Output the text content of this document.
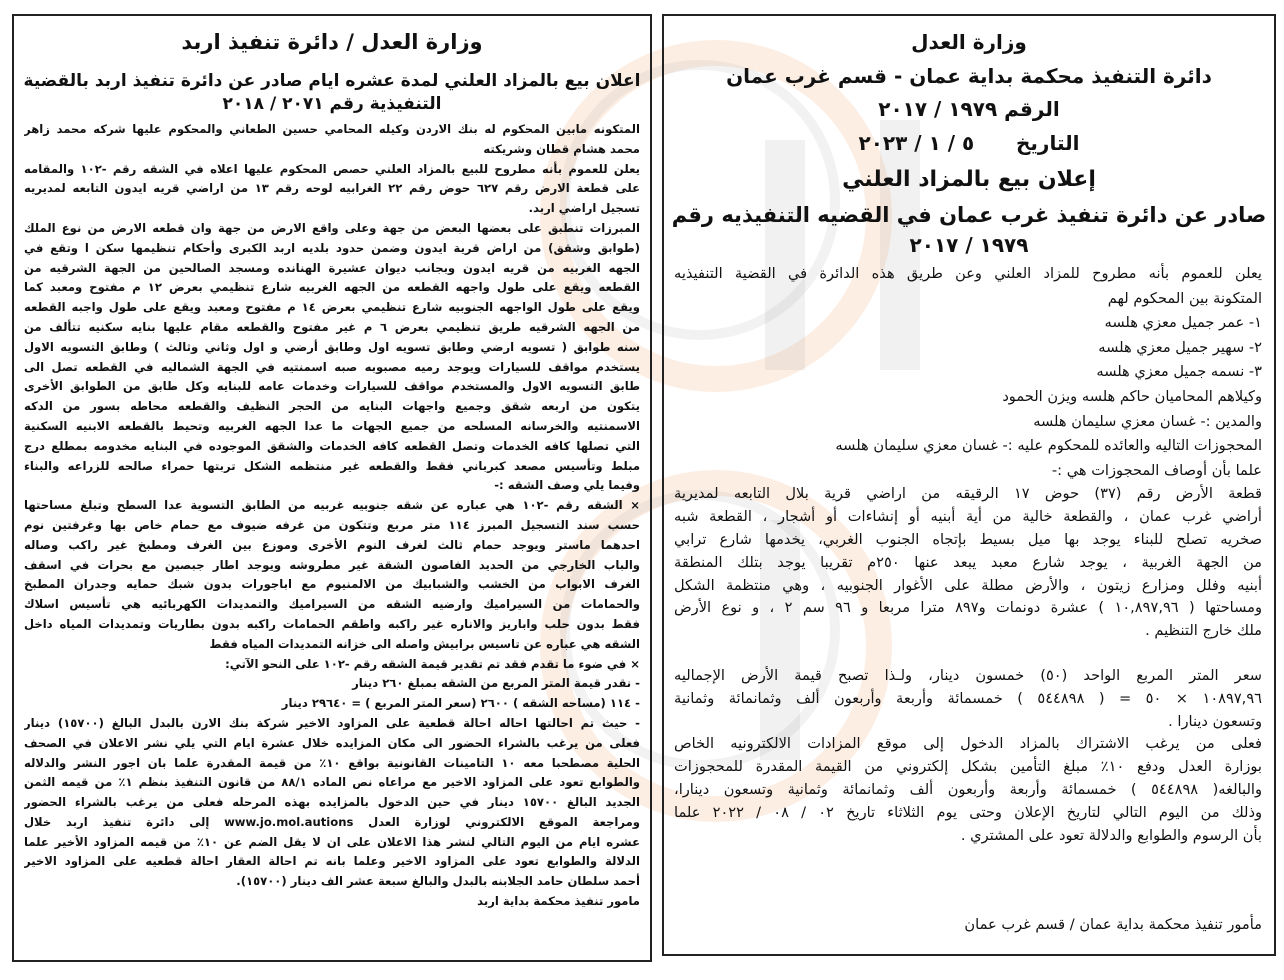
وزارة العدل / دائرة تنفيذ اربد
اعلان بيع بالمزاد العلني لمدة عشره ايام صادر عن دائرة تنفيذ اربد بالقضية
التنفيذية رقم ٢٠٧١ / ٢٠١٨
المتكونه مابين المحكوم له بنك الاردن وكيله المحامي حسين الطعاني والمحكوم عليها شركه محمد زاهر
محمد هشام قطان وشريكته
يعلن للعموم بأنه مطروح للبيع بالمزاد العلني حصص المحكوم عليها اعلاه في الشقه رقم -١٠٢ والمقامه
على قطعة الارض رقم ٦٢٧ حوض رقم ٢٢ الغرابيه لوحه رقم ١٣ من اراضي قريه ايدون التابعه لمديريه
تسجيل اراضي اربد.
المبرزات تنطبق على بعضها البعض من جهة وعلى واقع الارض من جهة وان قطعه الارض من نوع الملك
(طوابق وشقق) من اراض قرية ايدون وضمن حدود بلديه اربد الكبرى وأحكام تنظيمها سكن ا وتقع في
الجهه الغربيه من قريه ايدون وبجانب ديوان عشيرة الهنانده ومسجد الصالحين من الجهة الشرقيه من
القطعه ويقع على طول واجهه القطعه من الجهه الغربيه شارع تنظيمي بعرض ١٢ م مفتوح ومعبد كما
ويقع على طول الواجهه الجنوبيه شارع تنظيمي بعرض ١٤ م مفتوح ومعبد ويقع على طول واجبه القطعه
من الجهه الشرقيه طريق تنظيمي بعرض ٦ م غير مفتوح والقطعه مقام عليها بنايه سكنيه تتألف من
سنه طوابق ( تسويه ارضي وطابق تسويه اول وطابق أرضي و اول وثاني وثالث ) وطابق التسويه الاول
يستخدم مواقف للسيارات ويوجد رميه مصبوبه صبه اسمنتيه في الجهة الشماليه في القطعه تصل الى
طابق التسويه الاول والمستخدم مواقف للسيارات وخدمات عامه للبنايه وكل طابق من الطوابق الأخرى
يتكون من اربعه شقق وجميع واجهات البنايه من الحجر النظيف والقطعه محاطه بسور من الدكه
الاسمنتيه والخرسانه المسلحه من جميع الجهات ما عدا الجهه الغربيه وتحيط بالقطعه الابنيه السكنية
التي تصلها كافه الخدمات وتصل القطعه كافه الخدمات والشقق الموجوده في البنايه مخدومه بمطلع درج
مبلط وتأسيس مصعد كبرباني فقط والقطعه غير منتظمه الشكل تربتها حمراء صالحه للزراعه والبناء
وفيما يلي وصف الشقه :-
× الشقه رقم -١٠٢ هي عباره عن شقه جنوبيه غربيه من الطابق التسوية عدا السطح وتبلغ مساحتها
حسب سند التسجيل المبرز ١١٤ متر مربع وتتكون من غرفه ضيوف مع حمام خاص بها وغرفتين نوم
احدهما ماستر ويوجد حمام ثالث لغرف النوم الأخرى وموزع بين الغرف ومطبخ غير راكب وصاله
والباب الخارجي من الحديد الفاصون الشقة غير مطروشه ويوجد اطار جبصين مع بحرات في اسقف
الغرف الابواب من الخشب والشبابيك من الالمنيوم مع اباجورات بدون شبك حمايه وجدران المطبخ
والحمامات من السيراميك وارضيه الشقه من السيراميك والتمديدات الكهربائيه هي تأسيس اسلاك
فقط بدون حلب واباريز والاناره غير راكبه واطقم الحمامات راكبه بدون بطاريات وتمديدات المياه داخل
الشقه هي عباره عن تاسيس برابيش واصله الى خزانه التمديدات المياه فقط
× في ضوء ما تقدم فقد تم تقدير قيمة الشقه رقم -١٠٢ على النحو الآتي:
- نقدر قيمة المتر المربع من الشقه بمبلغ ٢٦٠ دينار
- ١١٤ (مساحه الشقه ) ٢٦٠٠ (سعر المتر المربع ) = ٢٩٦٤٠ دينار
- حيث تم احالتها احاله احالة قطعية على المزاود الاخير شركة بنك الارن بالبدل البالغ (١٥٧٠٠) دينار
فعلى من يرغب بالشراء الحضور الى مكان المزايده خلال عشرة ايام التي يلي نشر الاعلان في الصحف
الحلية مصطحبا معه ١٠ التامينات القانونية بواقع ١٠٪ من قيمة المقدرة علما بان اجور النشر والدلاله
والطوابع تعود على المزاود الاخير مع مراعاه نص الماده ٨٨/١ من قانون التنفيذ بنظم ١٪ من قيمه الثمن
الجديد البالغ ١٥٧٠٠ دينار في حين الدخول بالمزايده بهذه المرحله فعلى من يرغب بالشراء الحضور
ومراجعة الموقع الالكتروني لوزارة العدل www.jo.mol.autions إلى دائرة تنفيذ اربد خلال
عشره ايام من اليوم التالي لنشر هذا الاعلان على ان لا يقل الضم عن ١٠٪ من قيمه المزاود الأخير علما
الدلالة والطوابع تعود على المزاود الاخير وعلما بانه تم احالة العقار احالة قطعيه على المزاود الاخير
أحمد سلطان حامد الجلابنه بالبدل والبالغ سبعة عشر الف دينار (١٥٧٠٠).
مامور تنفيذ محكمة بداية اربد
وزارة العدل
دائرة التنفيذ محكمة بداية عمان - قسم غرب عمان
الرقم ١٩٧٩ / ٢٠١٧
التاريخ      ٥ / ١ / ٢٠٢٣
إعلان بيع بالمزاد العلني
صادر عن دائرة تنفيذ غرب عمان في القضيه التنفيذيه رقم
١٩٧٩ / ٢٠١٧
يعلن للعموم بأنه مطروح للمزاد العلني وعن طريق هذه الدائرة في القضية التنفيذيه
المتكونة بين المحكوم لهم
١- عمر جميل معزي هلسه
٢- سهير جميل معزي هلسه
٣- نسمه جميل معزي هلسه
وكيلاهم المحاميان حاكم هلسه ويزن الحمود
والمدين :- غسان معزي سليمان هلسه
المحجوزات التاليه والعائده للمحكوم عليه :- غسان معزي سليمان هلسه
علما بأن أوصاف المحجوزات هي :-
قطعة الأرض رقم (٣٧) حوض ١٧ الرقيقه من اراضي قرية بلال التابعه لمديرية
أراضي غرب عمان ، والقطعة خالية من أية أبنيه أو إنشاءات أو أشجار ، القطعة شبه
صخريه تصلح للبناء يوجد بها ميل بسيط بإتجاه الجنوب الغربي، يخدمها شارع ترابي
من الجهة الغربية ، يوجد شارع معبد يبعد عنها ٢٥٠م تقريبا يوجد بتلك المنطقة
أبنيه وفلل ومزارع زيتون ، والأرض مطلة على الأغوار الجنوبيه ، وهي منتظمة الشكل
ومساحتها ( ١٠,٨٩٧,٩٦ ) عشرة دونمات و٨٩٧ مترا مربعا و ٩٦ سم ٢ ، و نوع الأرض
ملك خارج التنظيم .
سعر المتر المربع الواحد (٥٠) خمسون دينار، ولـذا تصبح قيمة الأرض الإجماليه
١٠٨٩٧,٩٦ × ٥٠ = ( ٥٤٤٨٩٨ ) خمسمائة وأربعة وأربعون ألف وثمانمائة وثمانية
وتسعون دينارا .
فعلى من يرغب الاشتراك بالمزاد الدخول إلى موقع المزادات الالكترونيه الخاص
بوزارة العدل ودفع ١٠٪ مبلغ التأمين بشكل إلكتروني من القيمة المقدرة للمحجوزات
والبالغه( ٥٤٤٨٩٨ ) خمسمائة وأربعة وأربعون ألف وثمانمائة وثمانية وتسعون دينارا،
وذلك من اليوم التالي لتاريخ الإعلان وحتى يوم الثلاثاء تاريخ ٠٢ / ٠٨ / ٢٠٢٢ علما
بأن الرسوم والطوابع والدلالة تعود على المشتري .
مأمور تنفيذ محكمة بداية عمان / قسم غرب عمان
